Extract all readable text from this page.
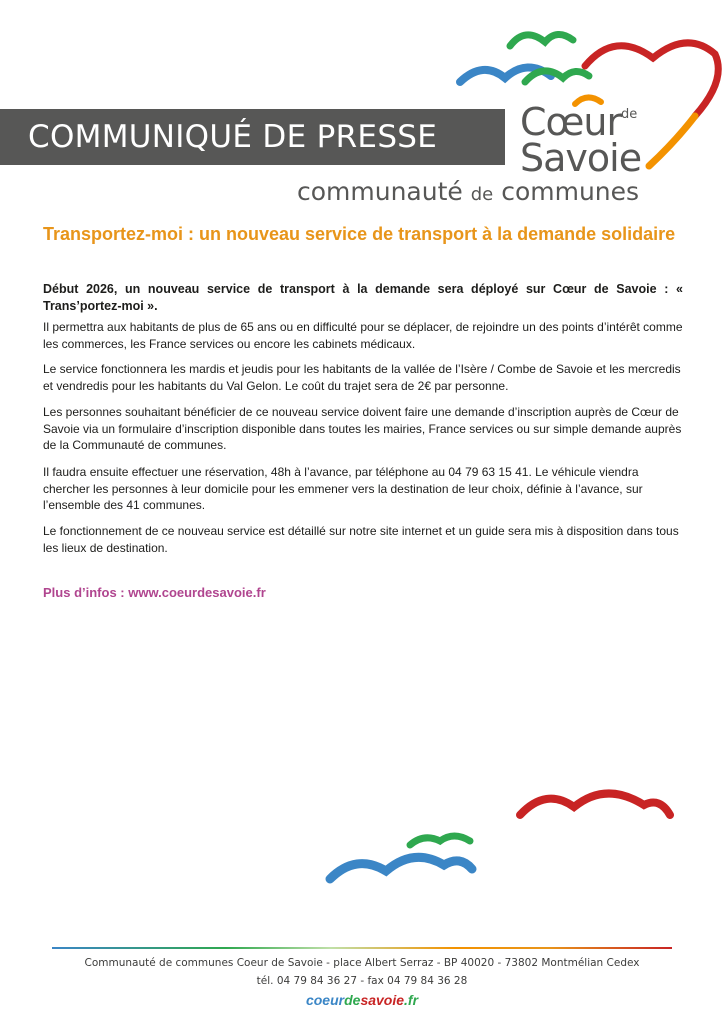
COMMUNIQUÉ DE PRESSE	Cœur de
Savoie
communauté de communes
Transportez-moi : un nouveau service de transport à la demande solidaire
Début 2026, un nouveau service de transport à la demande sera déployé sur Cœur de Savoie : « Trans’portez-moi ».
Il permettra aux habitants de plus de 65 ans ou en difficulté pour se déplacer, de rejoindre un des points d’intérêt comme les commerces, les France services ou encore les cabinets médicaux.
Le service fonctionnera les mardis et jeudis pour les habitants de la vallée de l’Isère / Combe de Savoie et les mercredis et vendredis pour les habitants du Val Gelon. Le coût du trajet sera de 2€ par personne.
Les personnes souhaitant bénéficier de ce nouveau service doivent faire une demande d’inscription auprès de Cœur de Savoie via un formulaire d’inscription disponible dans toutes les mairies, France services ou sur simple demande auprès de la Communauté de communes.
Il faudra ensuite effectuer une réservation, 48h à l’avance, par téléphone au 04 79 63 15 41. Le véhicule viendra chercher les personnes à leur domicile pour les emmener vers la destination de leur choix, définie à l’avance, sur l’ensemble des 41 communes.
Le fonctionnement de ce nouveau service est détaillé sur notre site internet et un guide sera mis à disposition dans tous les lieux de destination.
Plus d’infos : www.coeurdesavoie.fr
Communauté de communes Coeur de Savoie - place Albert Serraz - BP 40020 - 73802 Montmélian Cedex
tél. 04 79 84 36 27 - fax 04 79 84 36 28
coeurdesavoie.fr
